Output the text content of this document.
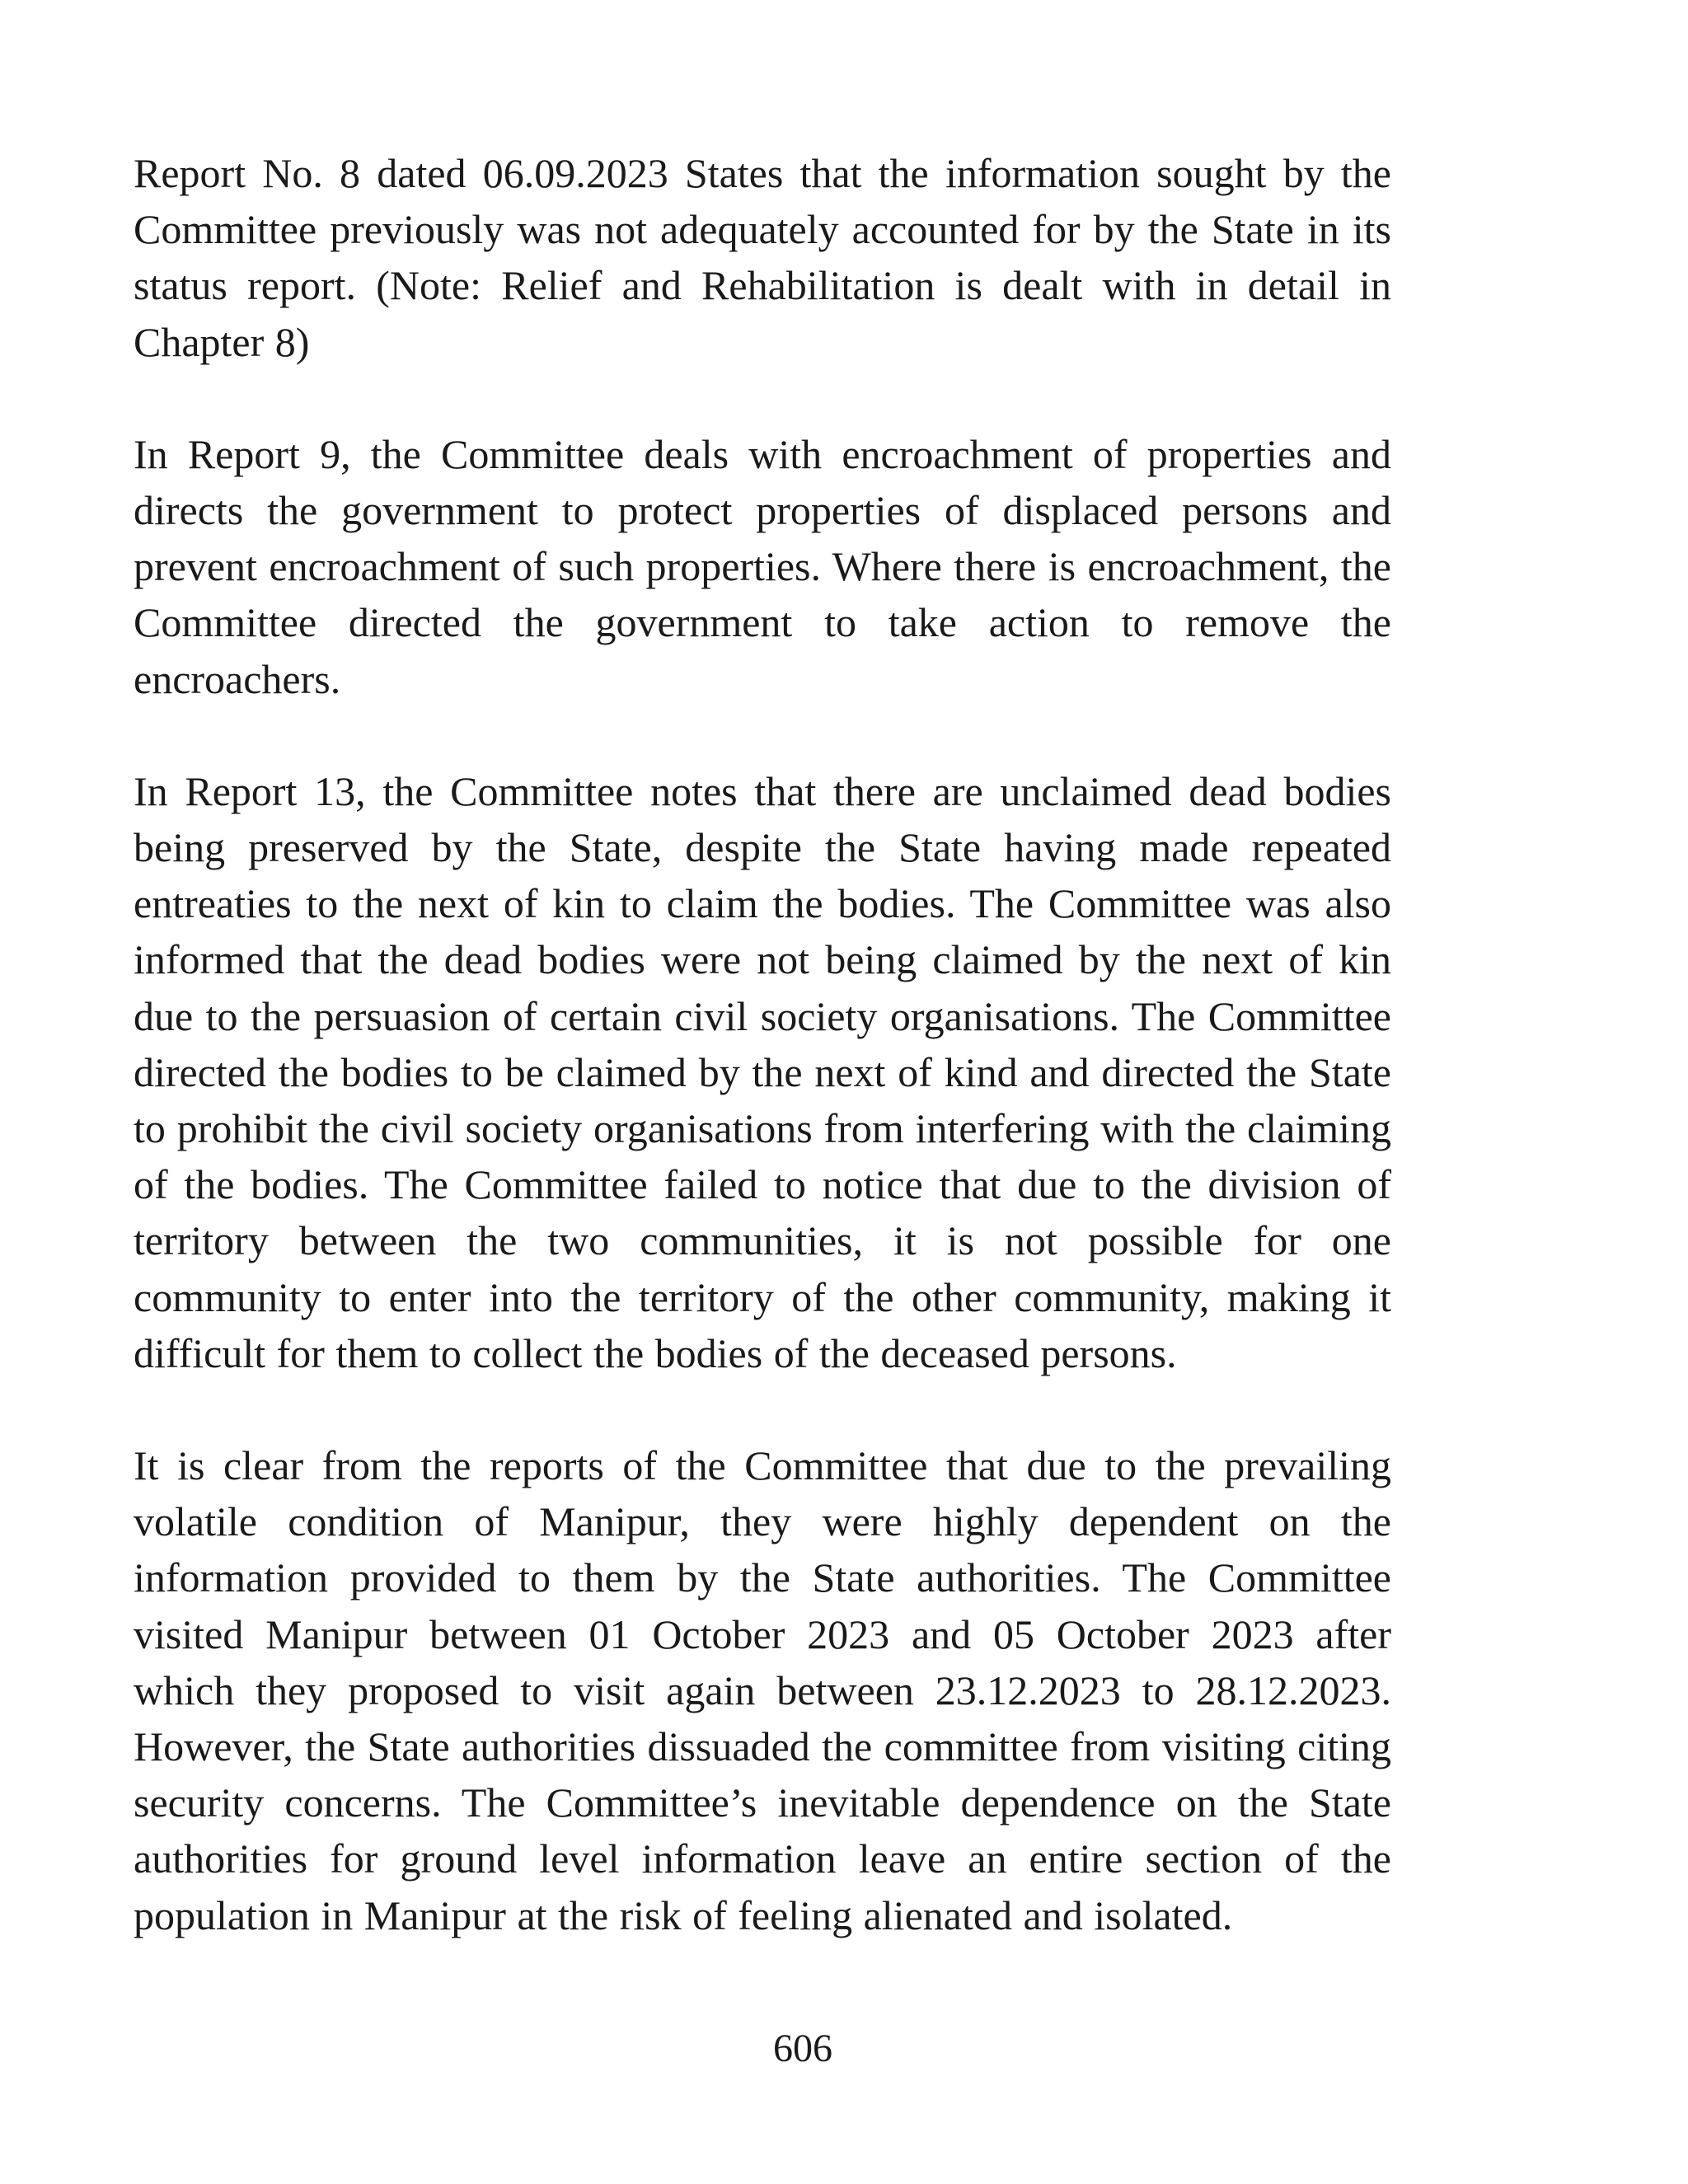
Report No. 8 dated 06.09.2023 States that the information sought by the Committee previously was not adequately accounted for by the State in its status report. (Note: Relief and Rehabilitation is dealt with in detail in Chapter 8)

In Report 9, the Committee deals with encroachment of properties and directs the government to protect properties of displaced persons and prevent encroachment of such properties. Where there is encroachment, the Committee directed the government to take action to remove the encroachers.

In Report 13, the Committee notes that there are unclaimed dead bodies being preserved by the State, despite the State having made repeated entreaties to the next of kin to claim the bodies. The Committee was also informed that the dead bodies were not being claimed by the next of kin due to the persuasion of certain civil society organisations. The Committee directed the bodies to be claimed by the next of kind and directed the State to prohibit the civil society organisations from interfering with the claiming of the bodies. The Committee failed to notice that due to the division of territory between the two communities, it is not possible for one community to enter into the territory of the other community, making it difficult for them to collect the bodies of the deceased persons.

It is clear from the reports of the Committee that due to the prevailing volatile condition of Manipur, they were highly dependent on the information provided to them by the State authorities. The Committee visited Manipur between 01 October 2023 and 05 October 2023 after which they proposed to visit again between 23.12.2023 to 28.12.2023. However, the State authorities dissuaded the committee from visiting citing security concerns. The Committee’s inevitable dependence on the State authorities for ground level information leave an entire section of the population in Manipur at the risk of feeling alienated and isolated.

606
